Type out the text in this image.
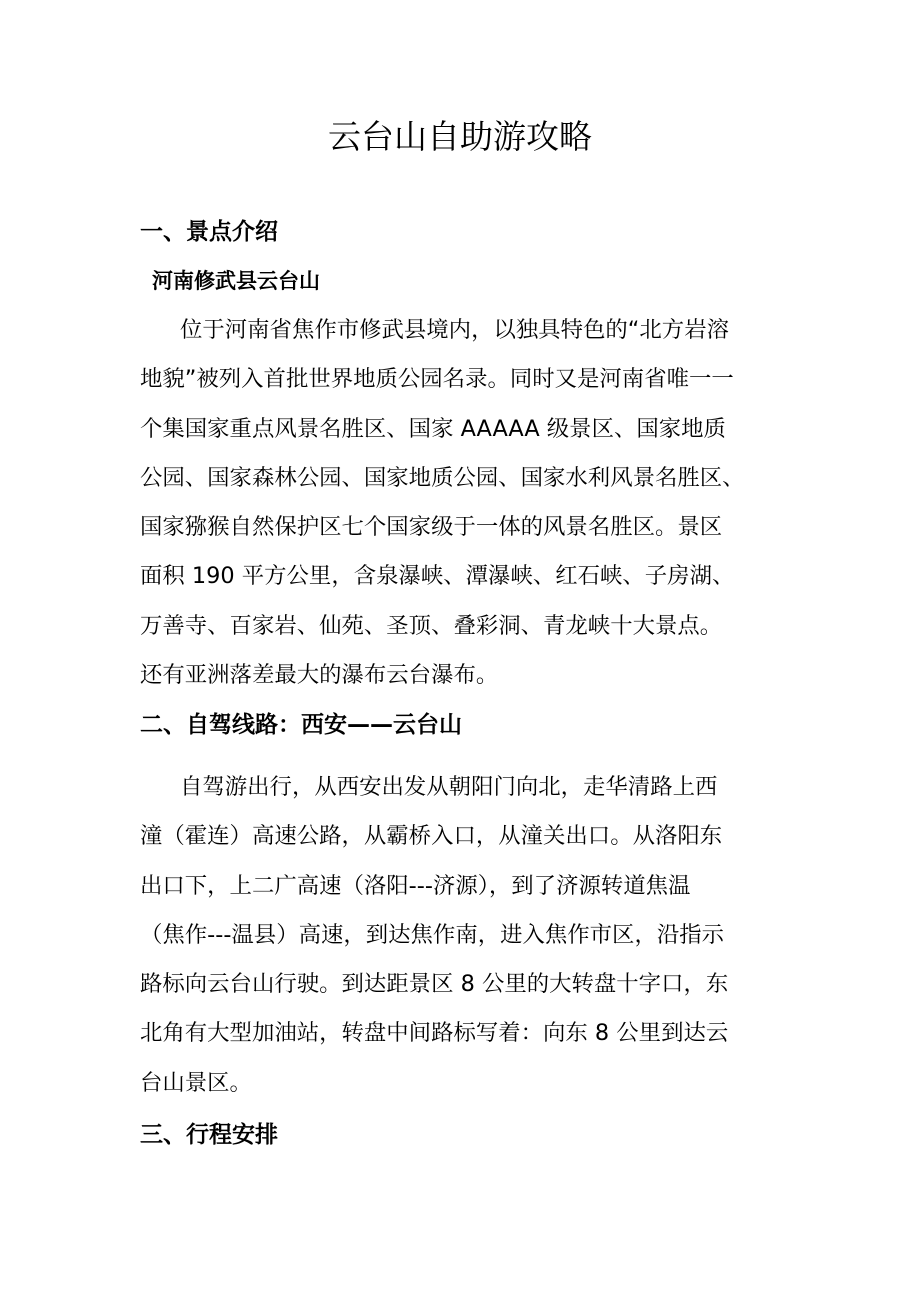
云台山自助游攻略
一、景点介绍
河南修武县云台山
位于河南省焦作市修武县境内，以独具特色的“北方岩溶
地貌”被列入首批世界地质公园名录。同时又是河南省唯一一
个集国家重点风景名胜区、国家 AAAAA 级景区、国家地质
公园、国家森林公园、国家地质公园、国家水利风景名胜区、
国家猕猴自然保护区七个国家级于一体的风景名胜区。景区
面积 190 平方公里，含泉瀑峡、潭瀑峡、红石峡、子房湖、
万善寺、百家岩、仙苑、圣顶、叠彩洞、青龙峡十大景点。
还有亚洲落差最大的瀑布云台瀑布。
二、自驾线路：西安——云台山
自驾游出行，从西安出发从朝阳门向北，走华清路上西
潼（霍连）高速公路，从霸桥入口，从潼关出口。从洛阳东
出口下，上二广高速（洛阳---济源），到了济源转道焦温
（焦作---温县）高速，到达焦作南，进入焦作市区，沿指示
路标向云台山行驶。到达距景区 8 公里的大转盘十字口，东
北角有大型加油站，转盘中间路标写着：向东 8 公里到达云
台山景区。
三、行程安排
